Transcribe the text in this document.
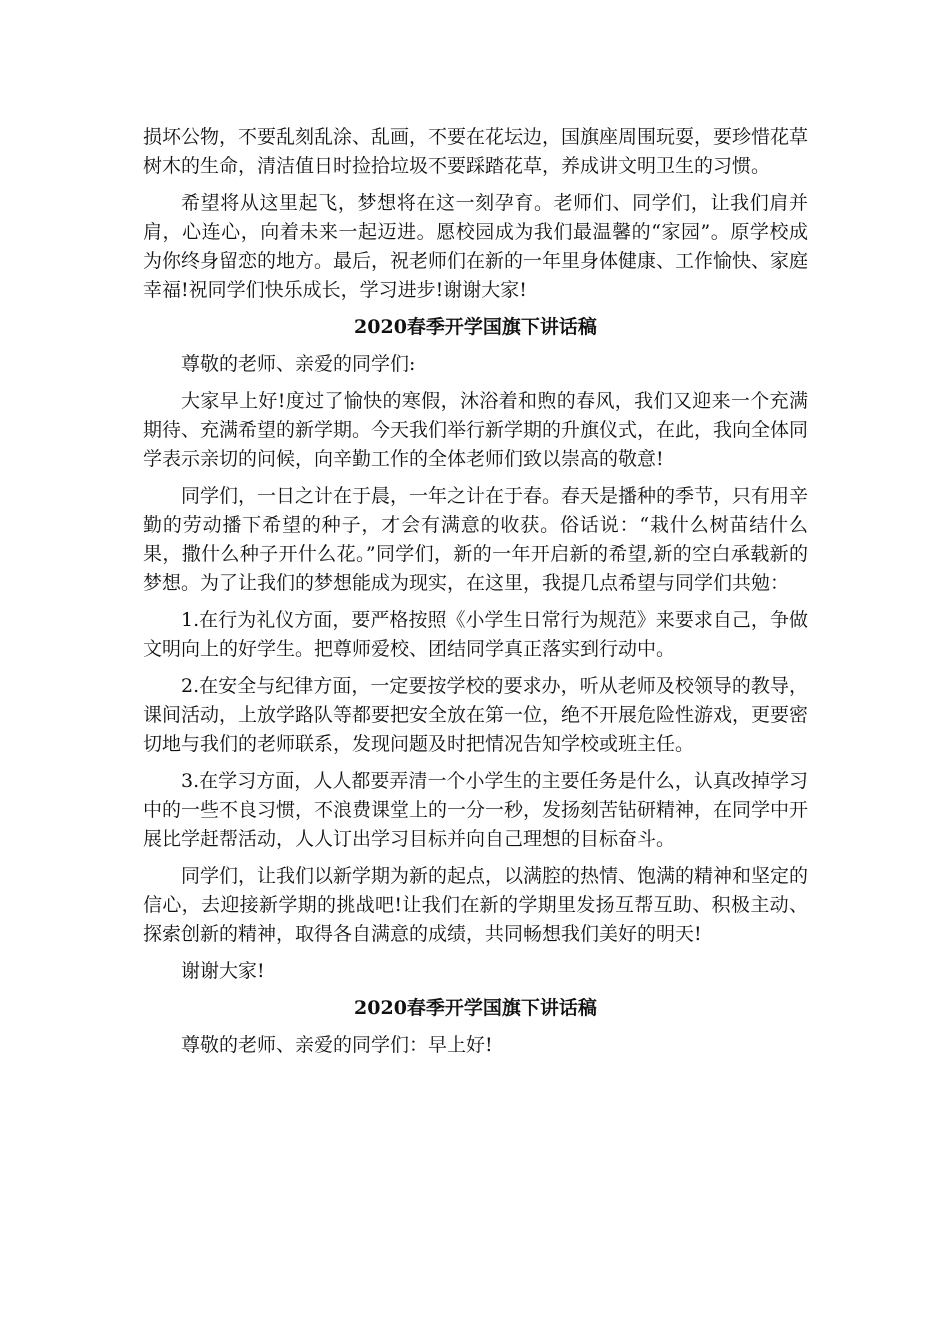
损坏公物，不要乱刻乱涂、乱画，不要在花坛边，国旗座周围玩耍，要珍惜花草树木的生命，清洁值日时捡拾垃圾不要踩踏花草，养成讲文明卫生的习惯。

希望将从这里起飞，梦想将在这一刻孕育。老师们、同学们，让我们肩并肩，心连心，向着未来一起迈进。愿校园成为我们最温馨的“家园”。原学校成为你终身留恋的地方。最后，祝老师们在新的一年里身体健康、工作愉快、家庭幸福!祝同学们快乐成长，学习进步!谢谢大家!

2020春季开学国旗下讲话稿

尊敬的老师、亲爱的同学们:

大家早上好!度过了愉快的寒假，沐浴着和煦的春风，我们又迎来一个充满期待、充满希望的新学期。今天我们举行新学期的升旗仪式，在此，我向全体同学表示亲切的问候，向辛勤工作的全体老师们致以崇高的敬意!

同学们，一日之计在于晨，一年之计在于春。春天是播种的季节，只有用辛勤的劳动播下希望的种子，才会有满意的收获。俗话说：“栽什么树苗结什么果，撒什么种子开什么花。”同学们，新的一年开启新的希望,新的空白承载新的梦想。为了让我们的梦想能成为现实，在这里，我提几点希望与同学们共勉：

1.在行为礼仪方面，要严格按照《小学生日常行为规范》来要求自己，争做文明向上的好学生。把尊师爱校、团结同学真正落实到行动中。

2.在安全与纪律方面，一定要按学校的要求办，听从老师及校领导的教导，课间活动，上放学路队等都要把安全放在第一位，绝不开展危险性游戏，更要密切地与我们的老师联系，发现问题及时把情况告知学校或班主任。

3.在学习方面，人人都要弄清一个小学生的主要任务是什么，认真改掉学习中的一些不良习惯，不浪费课堂上的一分一秒，发扬刻苦钻研精神，在同学中开展比学赶帮活动，人人订出学习目标并向自己理想的目标奋斗。

同学们，让我们以新学期为新的起点，以满腔的热情、饱满的精神和坚定的信心，去迎接新学期的挑战吧!让我们在新的学期里发扬互帮互助、积极主动、探索创新的精神，取得各自满意的成绩，共同畅想我们美好的明天!

谢谢大家!

2020春季开学国旗下讲话稿

尊敬的老师、亲爱的同学们：早上好!
